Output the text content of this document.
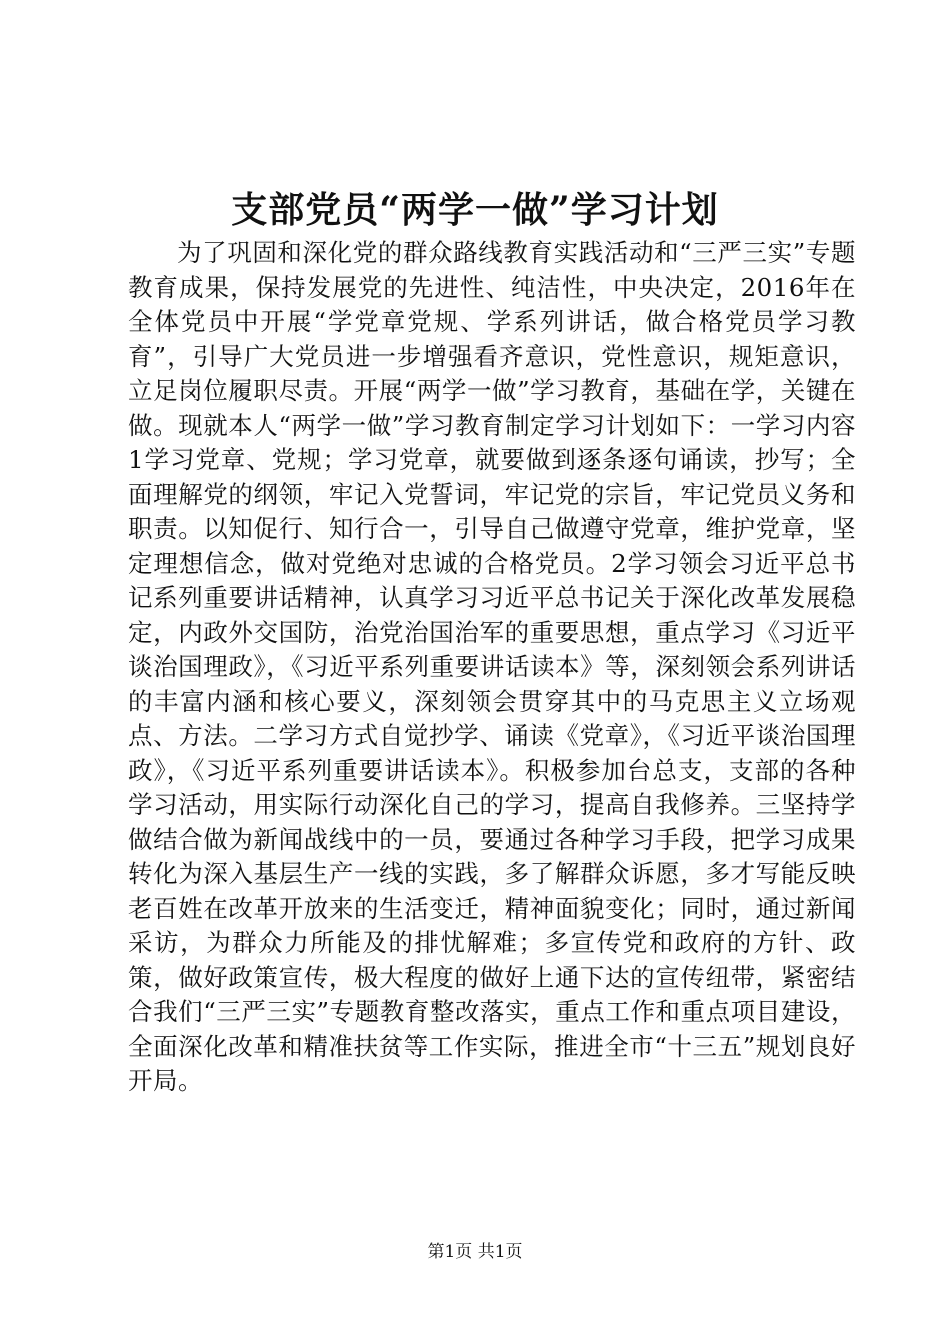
支部党员“两学一做”学习计划

为了巩固和深化党的群众路线教育实践活动和“三严三实”专题教育成果，保持发展党的先进性、纯洁性，中央决定，2016年在全体党员中开展“学党章党规、学系列讲话，做合格党员学习教育”，引导广大党员进一步增强看齐意识，党性意识，规矩意识，立足岗位履职尽责。开展“两学一做”学习教育，基础在学，关键在做。现就本人“两学一做”学习教育制定学习计划如下：一学习内容1学习党章、党规；学习党章，就要做到逐条逐句诵读，抄写；全面理解党的纲领，牢记入党誓词，牢记党的宗旨，牢记党员义务和职责。以知促行、知行合一，引导自己做遵守党章，维护党章，坚定理想信念，做对党绝对忠诚的合格党员。2学习领会习近平总书记系列重要讲话精神，认真学习习近平总书记关于深化改革发展稳定，内政外交国防，治党治国治军的重要思想，重点学习《习近平谈治国理政》，《习近平系列重要讲话读本》等，深刻领会系列讲话的丰富内涵和核心要义，深刻领会贯穿其中的马克思主义立场观点、方法。二学习方式自觉抄学、诵读《党章》，《习近平谈治国理政》，《习近平系列重要讲话读本》。积极参加台总支，支部的各种学习活动，用实际行动深化自己的学习，提高自我修养。三坚持学做结合做为新闻战线中的一员，要通过各种学习手段，把学习成果转化为深入基层生产一线的实践，多了解群众诉愿，多才写能反映老百姓在改革开放来的生活变迁，精神面貌变化；同时，通过新闻采访，为群众力所能及的排忧解难；多宣传党和政府的方针、政策，做好政策宣传，极大程度的做好上通下达的宣传纽带，紧密结合我们“三严三实”专题教育整改落实，重点工作和重点项目建设，全面深化改革和精准扶贫等工作实际，推进全市“十三五”规划良好开局。

第1页 共1页
